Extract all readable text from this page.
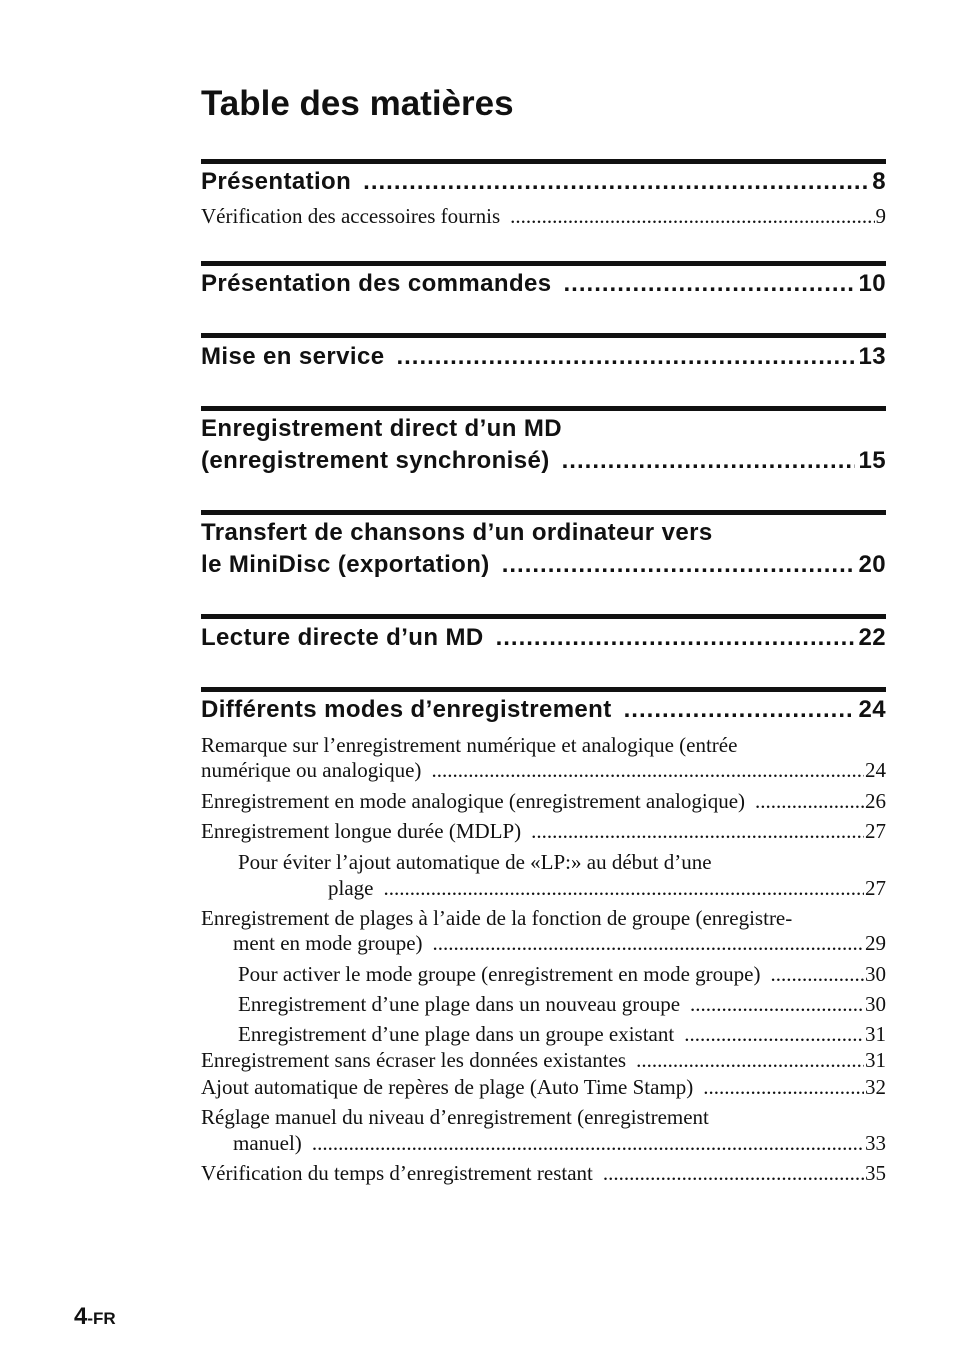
Table des matières
Présentation .....	8
Vérification des accessoires fournis .....	9
Présentation des commandes .....	10
Mise en service .....	13
Enregistrement direct d’un MD
(enregistrement synchronisé) .....	15
Transfert de chansons d’un ordinateur vers
le MiniDisc (exportation) .....	20
Lecture directe d’un MD .....	22
Différents modes d’enregistrement .....	24
Remarque sur l’enregistrement numérique et analogique (entrée
numérique ou analogique) .....	24
Enregistrement en mode analogique (enregistrement analogique) .....	26
Enregistrement longue durée (MDLP) .....	27
Pour éviter l’ajout automatique de «LP:» au début d’une
plage .....	27
Enregistrement de plages à l’aide de la fonction de groupe (enregistre-
ment en mode groupe) .....	29
Pour activer le mode groupe (enregistrement en mode groupe) .....	30
Enregistrement d’une plage dans un nouveau groupe .....	30
Enregistrement d’une plage dans un groupe existant .....	31
Enregistrement sans écraser les données existantes .....	31
Ajout automatique de repères de plage (Auto Time Stamp) .....	32
Réglage manuel du niveau d’enregistrement (enregistrement
manuel) .....	33
Vérification du temps d’enregistrement restant .....	35
4-FR
